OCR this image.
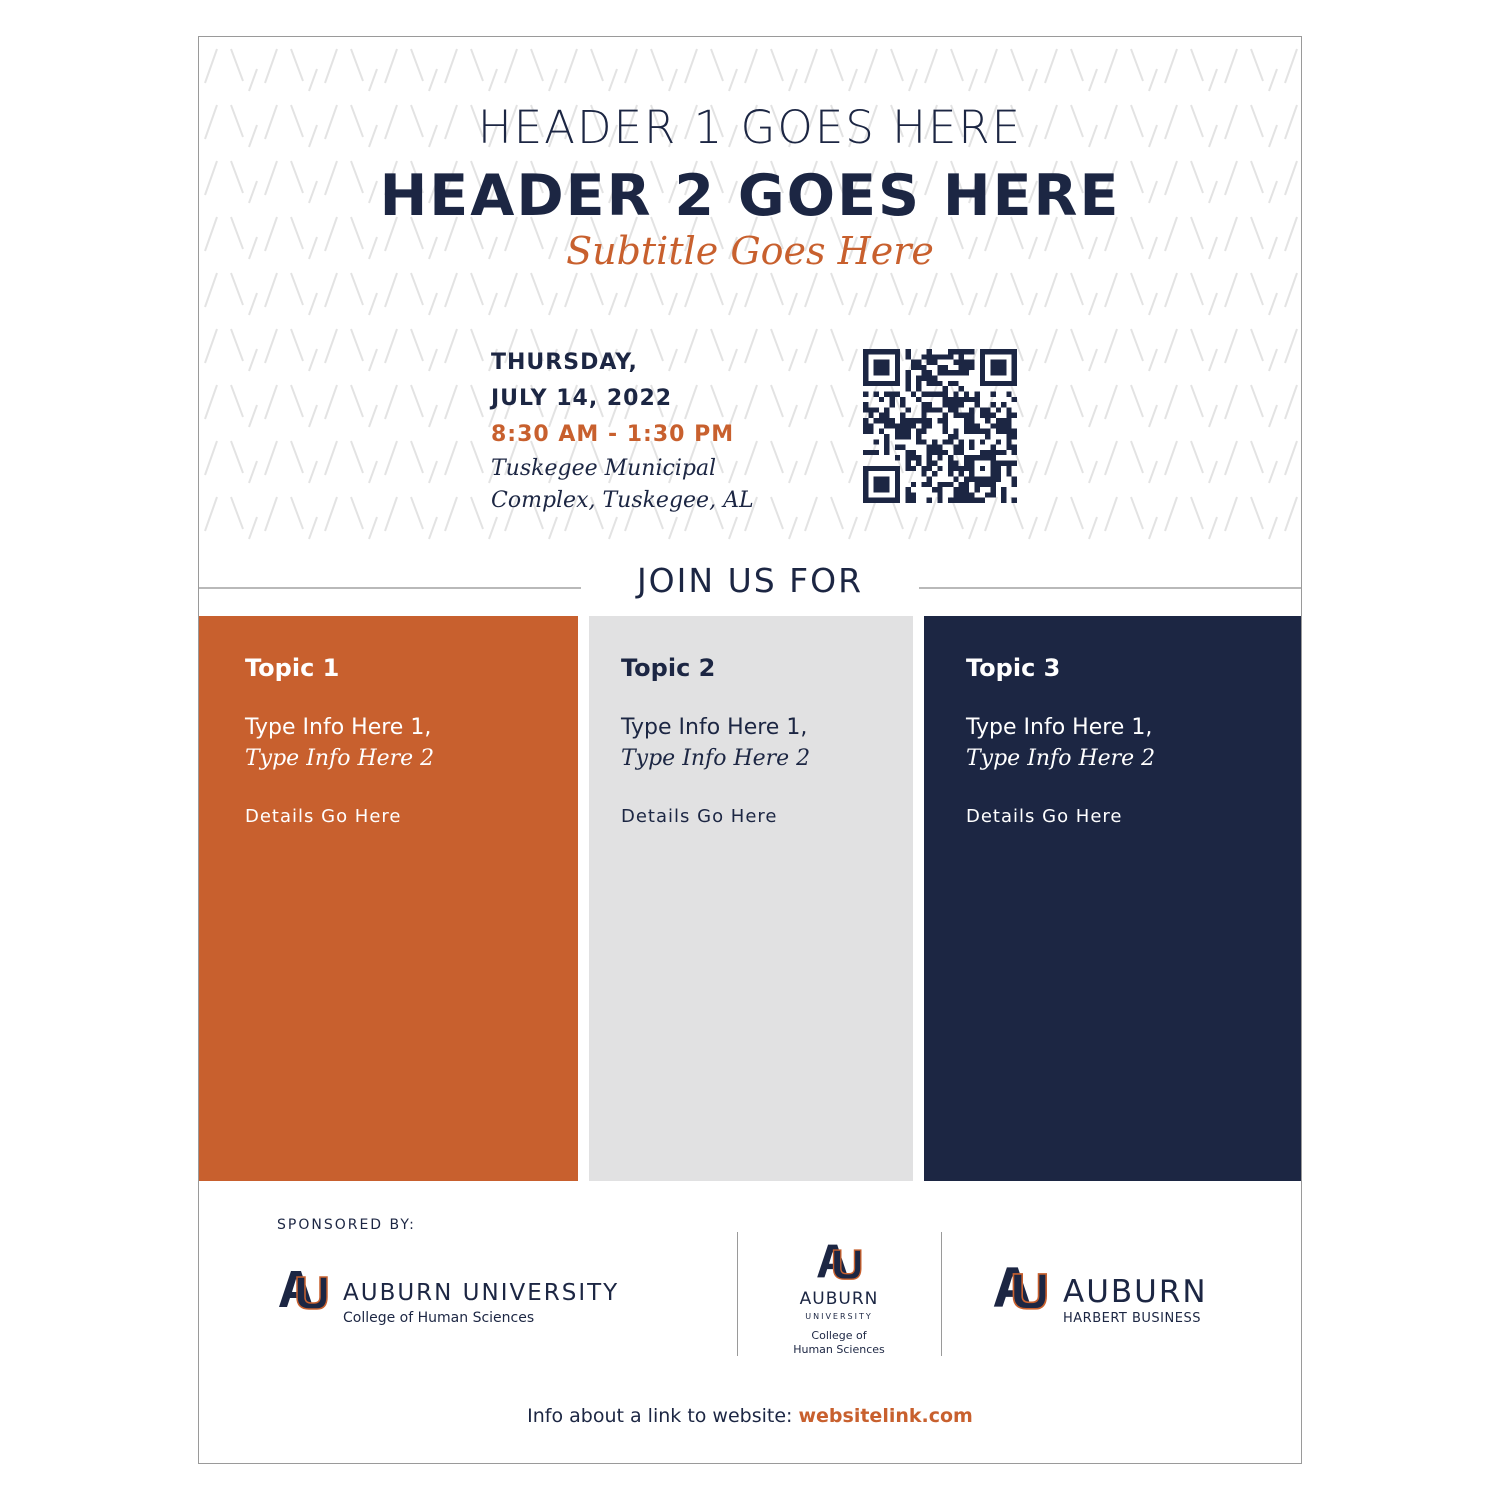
HEADER 1 GOES HERE
HEADER 2 GOES HERE
Subtitle Goes Here
THURSDAY,
JULY 14, 2022
8:30 AM - 1:30 PM
Tuskegee Municipal
Complex, Tuskegee, AL
JOIN US FOR
Topic 1
Type Info Here 1,
Type Info Here 2
Details Go Here
Topic 2
Type Info Here 1,
Type Info Here 2
Details Go Here
Topic 3
Type Info Here 1,
Type Info Here 2
Details Go Here
SPONSORED BY:
AUBURN UNIVERSITY
College of Human Sciences
AUBURN
UNIVERSITY
College of
Human Sciences
AUBURN
HARBERT BUSINESS
Info about a link to website: websitelink.com
